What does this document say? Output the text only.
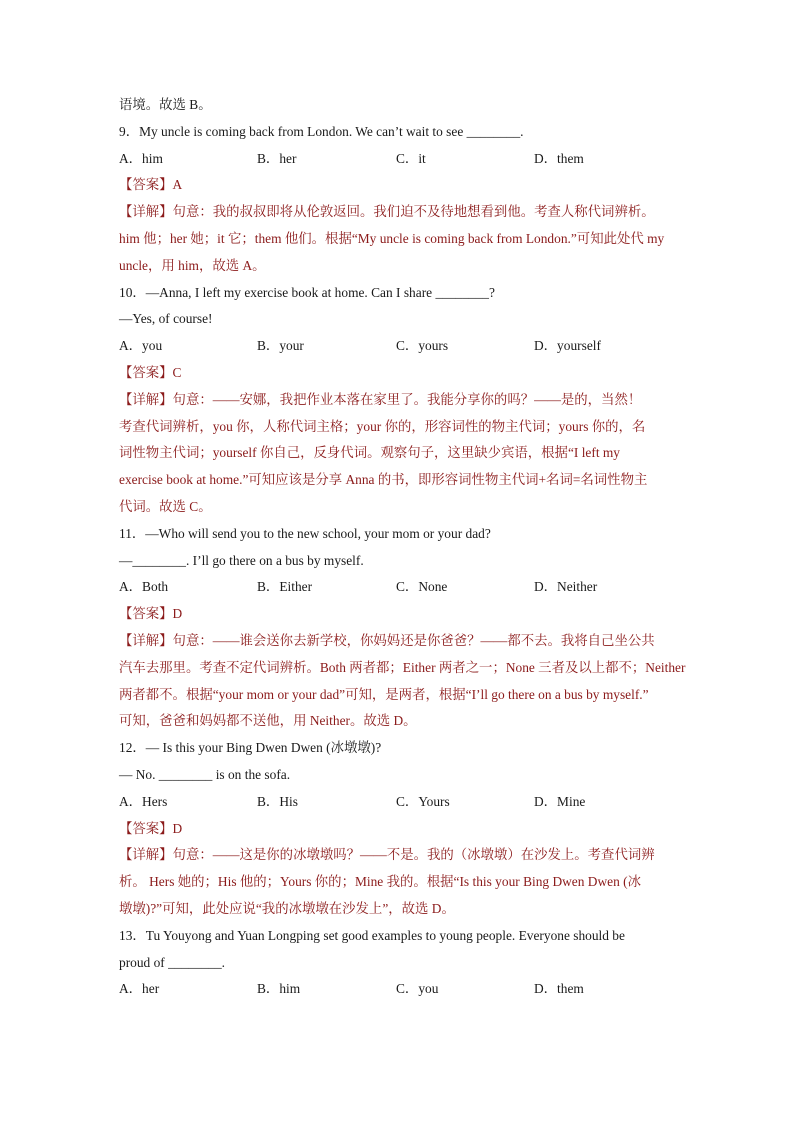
语境。故选 B。
9．My uncle is coming back from London. We can’t wait to see ________.
A．him	B．her	C．it	D．them
【答案】A
【详解】句意：我的叔叔即将从伦敦返回。我们迫不及待地想看到他。考查人称代词辨析。
him 他；her 她；it 它；them 他们。根据“My uncle is coming back from London.”可知此处代 my
uncle，用 him，故选 A。
10．—Anna, I left my exercise book at home. Can I share ________?
—Yes, of course!
A．you	B．your	C．yours	D．yourself
【答案】C
【详解】句意：——安娜，我把作业本落在家里了。我能分享你的吗？——是的，当然！
考查代词辨析，you 你，人称代词主格；your 你的，形容词性的物主代词；yours 你的，名
词性物主代词；yourself 你自己，反身代词。观察句子，这里缺少宾语，根据“I left my
exercise book at home.”可知应该是分享 Anna 的书，即形容词性物主代词+名词=名词性物主
代词。故选 C。
11．—Who will send you to the new school, your mom or your dad?
—________. I’ll go there on a bus by myself.
A．Both	B．Either	C．None	D．Neither
【答案】D
【详解】句意：——谁会送你去新学校，你妈妈还是你爸爸？——都不去。我将自己坐公共
汽车去那里。考查不定代词辨析。Both 两者都；Either 两者之一；None 三者及以上都不；Neither
两者都不。根据“your mom or your dad”可知，是两者，根据“I’ll go there on a bus by myself.”
可知，爸爸和妈妈都不送他，用 Neither。故选 D。
12．— Is this your Bing Dwen Dwen (冰墩墩)?
— No. ________ is on the sofa.
A．Hers	B．His	C．Yours	D．Mine
【答案】D
【详解】句意：——这是你的冰墩墩吗？——不是。我的（冰墩墩）在沙发上。考查代词辨
析。 Hers 她的；His 他的；Yours 你的；Mine 我的。根据“Is this your Bing Dwen Dwen (冰
墩墩)?”可知，此处应说“我的冰墩墩在沙发上”，故选 D。
13．Tu Youyong and Yuan Longping set good examples to young people. Everyone should be
proud of ________.
A．her	B．him	C．you	D．them
